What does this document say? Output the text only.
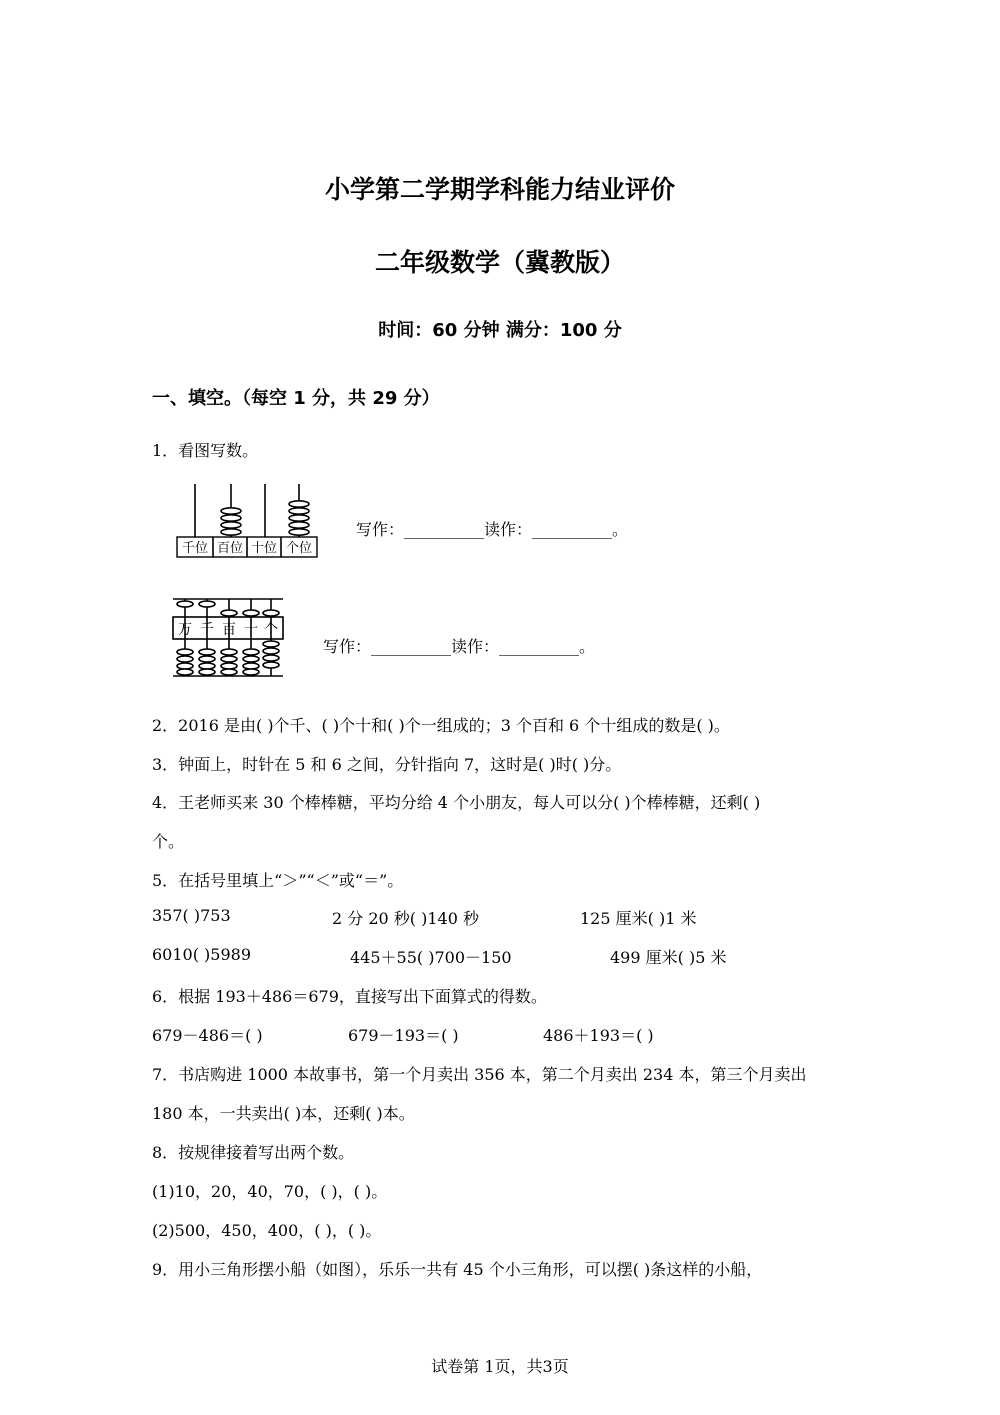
小学第二学期学科能力结业评价
二年级数学（冀教版）
时间：60 分钟 满分：100 分
一、填空。（每空 1 分，共 29 分）
1．看图写数。
千位 百位 十位 个位
写作：__________读作：__________。
万 千 百 十 个
写作：__________读作：__________。
2．2016 是由( )个千、( )个十和( )个一组成的；3 个百和 6 个十组成的数是( )。
3．钟面上，时针在 5 和 6 之间，分针指向 7，这时是( )时( )分。
4．王老师买来 30 个棒棒糖，平均分给 4 个小朋友，每人可以分( )个棒棒糖，还剩( )
个。
5．在括号里填上“＞”“＜”或“＝”。
357( )753	2 分 20 秒( )140 秒	125 厘米( )1 米
6010( )5989	445＋55( )700－150	499 厘米( )5 米
6．根据 193＋486＝679，直接写出下面算式的得数。
679－486＝( )	679－193＝( )	486＋193＝( )
7．书店购进 1000 本故事书，第一个月卖出 356 本，第二个月卖出 234 本，第三个月卖出
180 本，一共卖出( )本，还剩( )本。
8．按规律接着写出两个数。
(1)10，20，40，70，( )，( )。
(2)500，450，400，( )，( )。
9．用小三角形摆小船（如图），乐乐一共有 45 个小三角形，可以摆( )条这样的小船，
试卷第 1页，共3页
